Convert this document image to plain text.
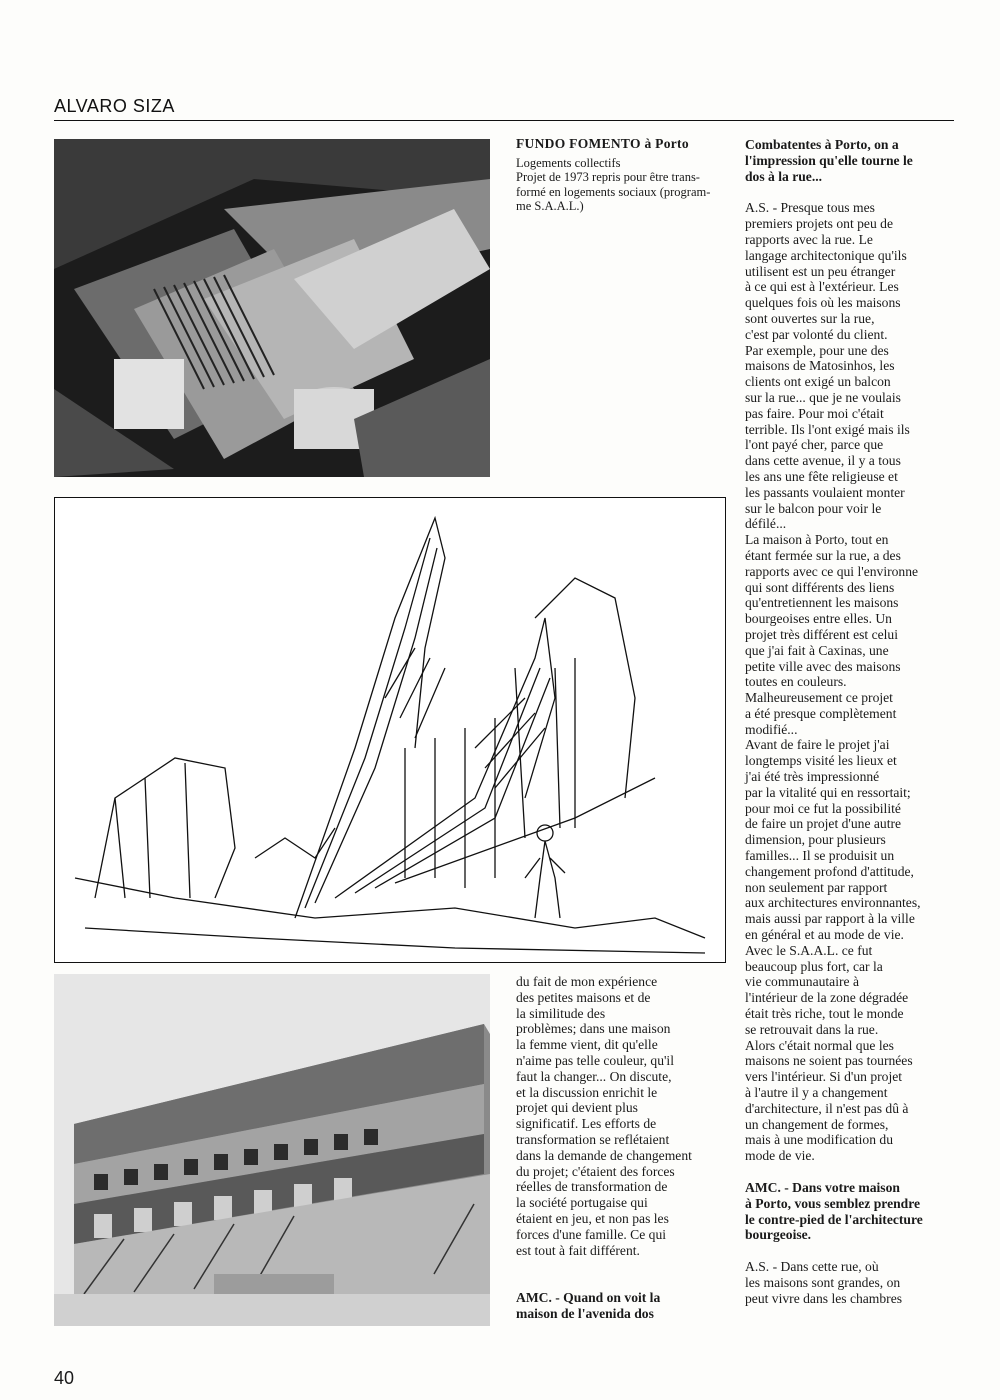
ALVARO SIZA
FUNDO FOMENTO à Porto
Logements collectifs
Projet de 1973 repris pour être trans-
formé en logements sociaux (program-
me S.A.A.L.)

du fait de mon expérience
des petites maisons et de
la similitude des
problèmes; dans une maison
la femme vient, dit qu'elle
n'aime pas telle couleur, qu'il
faut la changer... On discute,
et la discussion enrichit le
projet qui devient plus
significatif. Les efforts de
transformation se reflétaient
dans la demande de changement
du projet; c'étaient des forces
réelles de transformation de
la société portugaise qui
étaient en jeu, et non pas les
forces d'une famille. Ce qui
est tout à fait différent.

AMC. - Quand on voit la
maison de l'avenida dos

Combatentes à Porto, on a
l'impression qu'elle tourne le
dos à la rue...

A.S. - Presque tous mes
premiers projets ont peu de
rapports avec la rue. Le
langage architectonique qu'ils
utilisent est un peu étranger
à ce qui est à l'extérieur. Les
quelques fois où les maisons
sont ouvertes sur la rue,
c'est par volonté du client.
Par exemple, pour une des
maisons de Matosinhos, les
clients ont exigé un balcon
sur la rue... que je ne voulais
pas faire. Pour moi c'était
terrible. Ils l'ont exigé mais ils
l'ont payé cher, parce que
dans cette avenue, il y a tous
les ans une fête religieuse et
les passants voulaient monter
sur le balcon pour voir le
défilé...
La maison à Porto, tout en
étant fermée sur la rue, a des
rapports avec ce qui l'environne
qui sont différents des liens
qu'entretiennent les maisons
bourgeoises entre elles. Un
projet très différent est celui
que j'ai fait à Caxinas, une
petite ville avec des maisons
toutes en couleurs.
Malheureusement ce projet
a été presque complètement
modifié...
Avant de faire le projet j'ai
longtemps visité les lieux et
j'ai été très impressionné
par la vitalité qui en ressortait;
pour moi ce fut la possibilité
de faire un projet d'une autre
dimension, pour plusieurs
familles... Il se produisit un
changement profond d'attitude,
non seulement par rapport
aux architectures environnantes,
mais aussi par rapport à la ville
en général et au mode de vie.
Avec le S.A.A.L. ce fut
beaucoup plus fort, car la
vie communautaire à
l'intérieur de la zone dégradée
était très riche, tout le monde
se retrouvait dans la rue.
Alors c'était normal que les
maisons ne soient pas tournées
vers l'intérieur. Si d'un projet
à l'autre il y a changement
d'architecture, il n'est pas dû à
un changement de formes,
mais à une modification du
mode de vie.

AMC. - Dans votre maison
à Porto, vous semblez prendre
le contre-pied de l'architecture
bourgeoise.

A.S. - Dans cette rue, où
les maisons sont grandes, on
peut vivre dans les chambres

40
